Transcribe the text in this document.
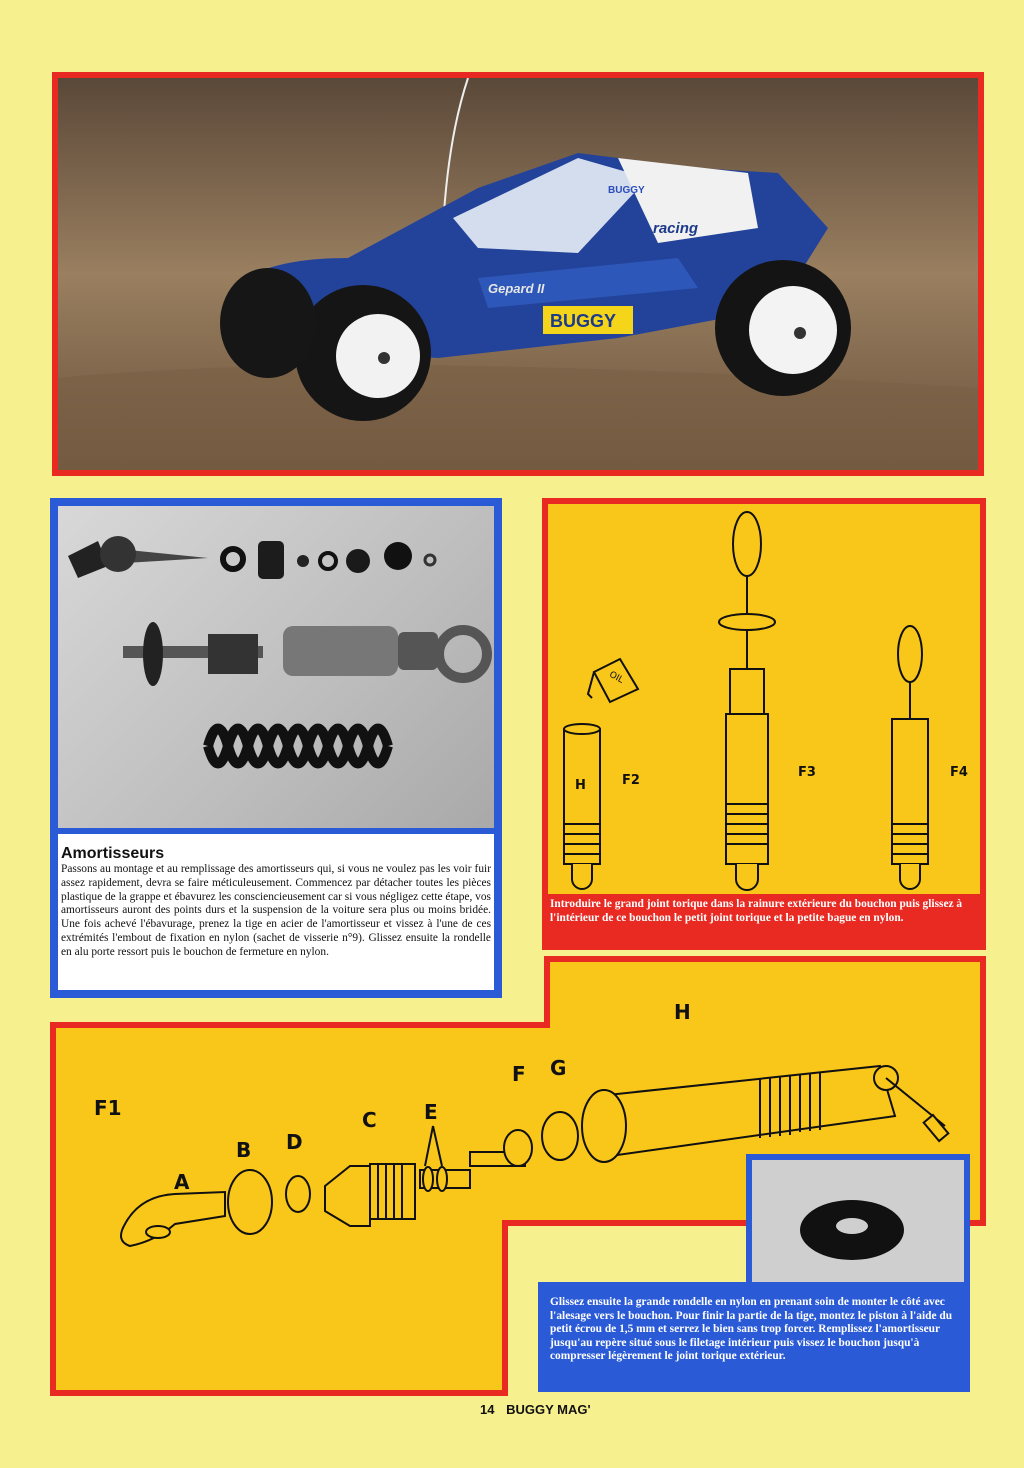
BUGGY
racing
Gepard II
BUGGY
Amortisseurs
Passons au montage et au remplissage des amortisseurs qui, si vous ne voulez pas les voir fuir assez rapidement, devra se faire méticuleusement. Commencez par détacher toutes les pièces plastique de la grappe et ébavurez les consciencieusement car si vous négligez cette étape, vos amortisseurs auront des points durs et la suspension de la voiture sera plus ou moins bridée. Une fois achevé l'ébavurage, prenez la tige en acier de l'amortisseur et vissez à l'une de ces extrémités l'embout de fixation en nylon (sachet de visserie n°9). Glissez ensuite la rondelle en alu porte ressort puis le bouchon de fermeture en nylon.
H	F2
F3	F4
OIL
Introduire le grand joint torique dans la rainure extérieure du bouchon puis glissez à l'intérieur de ce bouchon le petit joint torique et la petite bague en nylon.
F1
A
B D
C E
F G
H

Glissez ensuite la grande rondelle en nylon en prenant soin de monter le côté avec l'alesage vers le bouchon. Pour finir la partie de la tige, montez le piston à l'aide du petit écrou de 1,5 mm et serrez le bien sans trop forcer. Remplissez l'amortisseur jusqu'au repère situé sous le filetage intérieur puis vissez le bouchon jusqu'à compresser légèrement le joint torique extérieur.

14 BUGGY MAG'
